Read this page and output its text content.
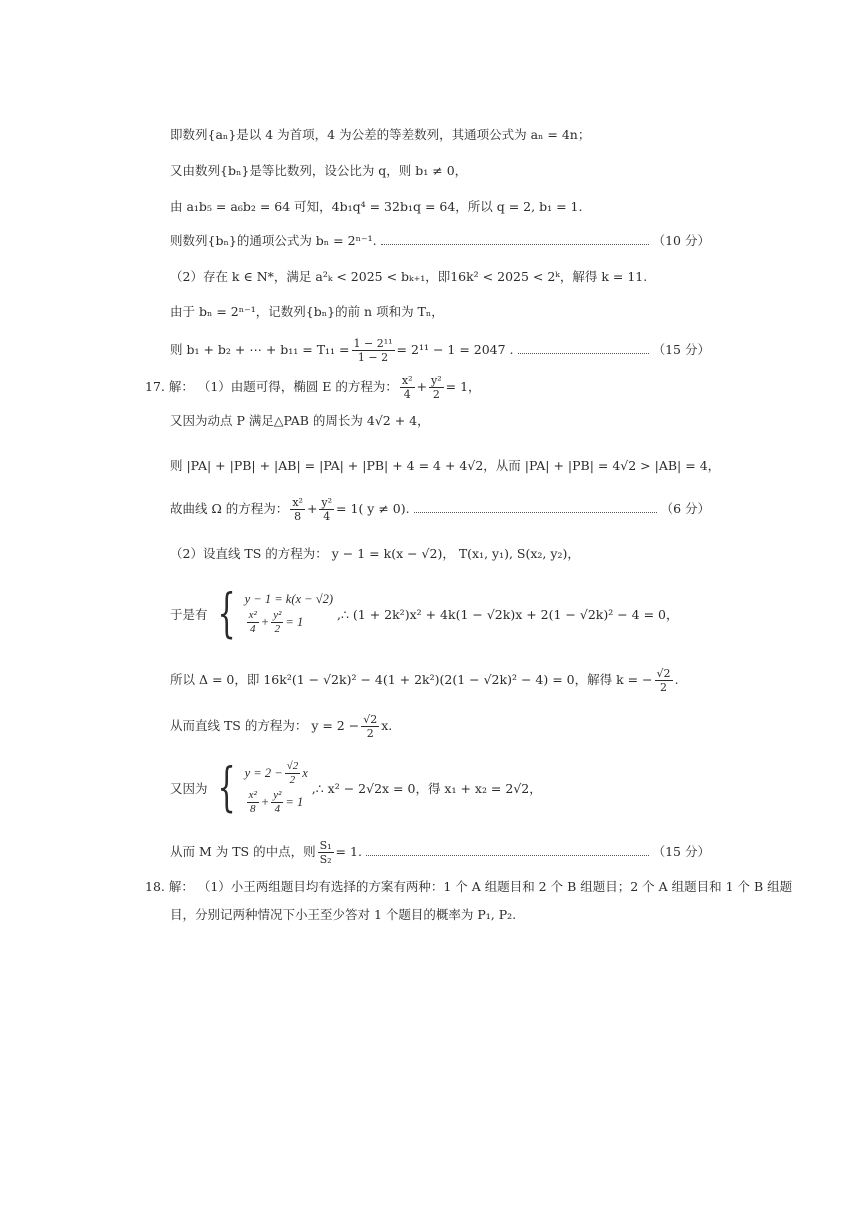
即数列{aₙ}是以 4 为首项，4 为公差的等差数列，其通项公式为 aₙ = 4n；
又由数列{bₙ}是等比数列，设公比为 q，则 b₁ ≠ 0，
由 a₁b₅ = a₆b₂ = 64 可知，4b₁q⁴ = 32b₁q = 64，所以 q = 2, b₁ = 1.
则数列{bₙ}的通项公式为 bₙ = 2ⁿ⁻¹.	（10 分）
（2）存在 k ∈ N*，满足 a²ₖ < 2025 < bₖ₊₁，即16k² < 2025 < 2ᵏ，解得 k = 11.
由于 bₙ = 2ⁿ⁻¹，记数列{bₙ}的前 n 项和为 Tₙ，
则 b₁ + b₂ + ⋯ + $b_{11} = T_{11} = \frac{\text{1 − 2¹¹}}{1 - 2} = 2^{11} - 1 = 2047$ .	（15 分）
17. 解： （1）由题可得，椭圆 E 的方程为： $\frac{\text{x²}}{4} + \frac{\text{y²}}{2} = 1$，
又因为动点 P 满足△PAB 的周长为 4√2 + 4，
则 |PA| + |PB| + |AB| = |PA| + |PB| + 4 = 4 + 4√2，从而 |PA| + |PB| = 4√2 > |AB| = 4，
故曲线 Ω 的方程为： $\frac{\text{x²}}{8} + \frac{\text{y²}}{4} = 1$( y ≠ 0).	（6 分）
（2）设直线 TS 的方程为： y − 1 = k(x − √2)， T(x₁, y₁), S(x₂, y₂)，
于是有 { y − 1 = k(x − √2)
$\frac{\text{x²}}{4} + \frac{\text{y²}}{2} = 1$	,∴ (1 + 2k²)x² + 4k(1 − √2k)x + 2(1 − √2k)² − 4 = 0，
所以 Δ = 0，即 16k²(1 − √2k)² − 4(1 + 2k²)(2(1 − √2k)² − 4) = 0，解得 k = − $\frac{√2}{2}$ .
从而直线 TS 的方程为： $y = 2 - \frac{√2}{2} x$.
又因为 { $y = 2 - \frac{√2}{2}$ x
$\frac{\text{x²}}{8} + \frac{\text{y²}}{4} = 1$
,∴ x² − 2√2x = 0，得 x₁ + x₂ = 2√2，
从而 M 为 TS 的中点，则 $\frac{\text{S₁}}{\text{S₂}} = 1$.	（15 分）
18. 解： （1）小王两组题目均有选择的方案有两种：1 个 A 组题目和 2 个 B 组题目；2 个 A 组题目和 1 个 B 组题
目，分别记两种情况下小王至少答对 1 个题目的概率为 P₁, P₂.
